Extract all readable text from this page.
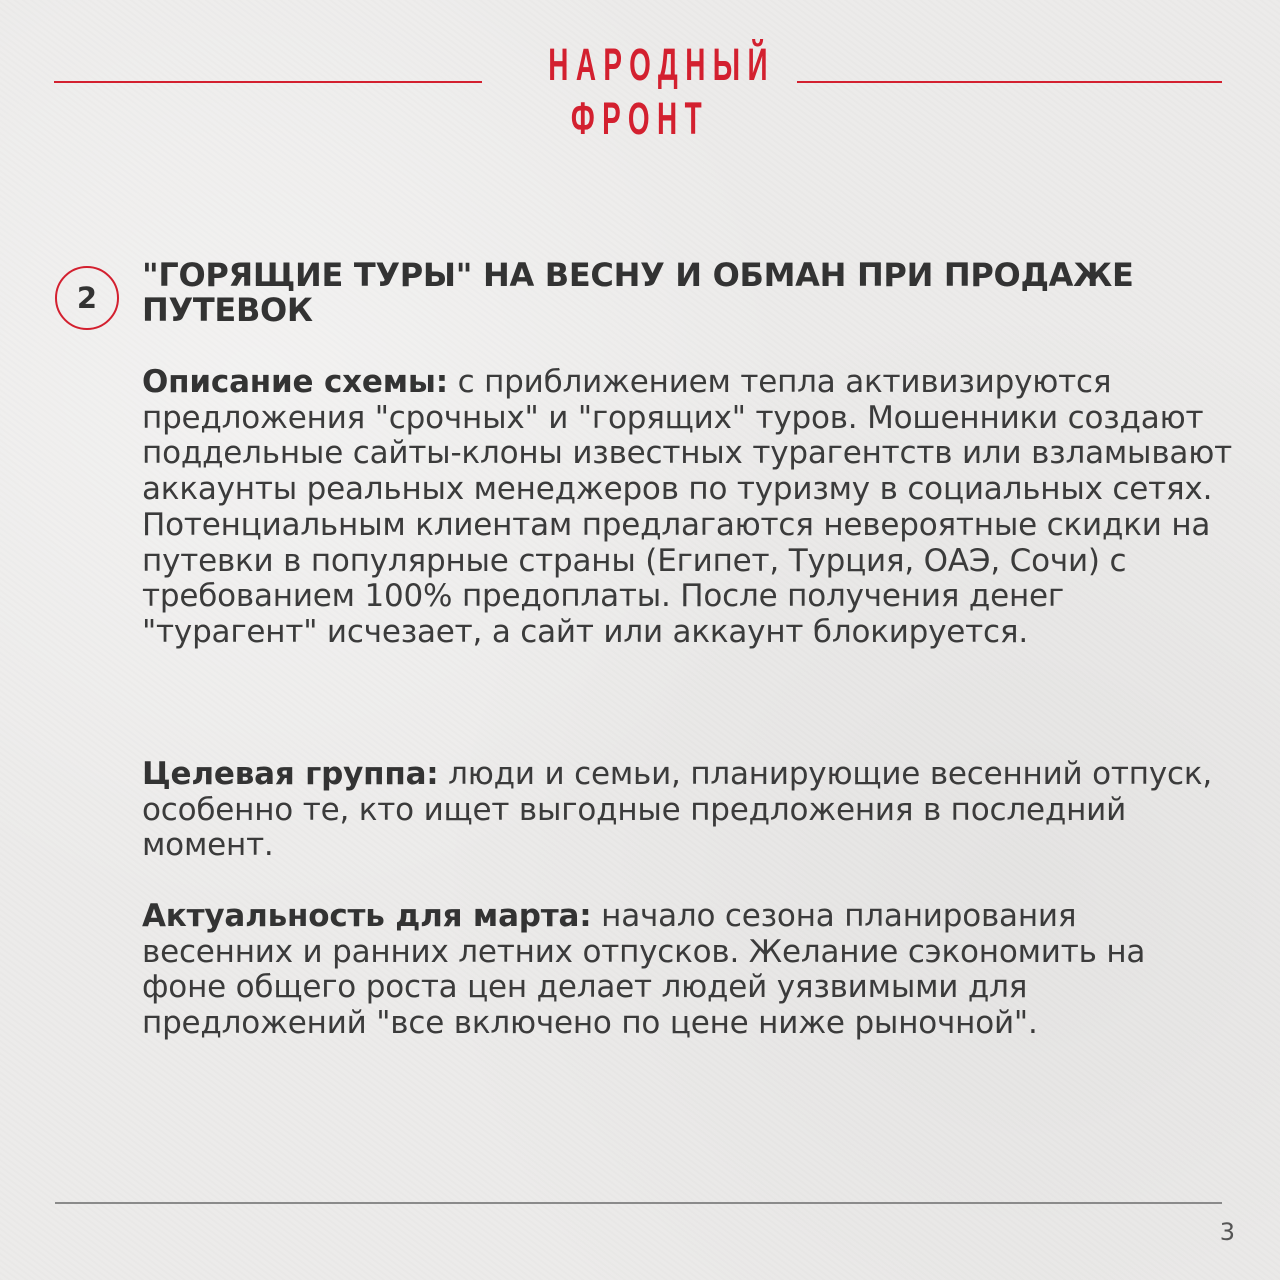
НАРОДНЫЙ
ФРОНТ
2
"ГОРЯЩИЕ ТУРЫ" НА ВЕСНУ И ОБМАН ПРИ ПРОДАЖЕ ПУТЕВОК
Описание схемы: с приближением тепла активизируются предложения "срочных" и "горящих" туров. Мошенники создают поддельные сайты-клоны известных турагентств или взламывают аккаунты реальных менеджеров по туризму в социальных сетях. Потенциальным клиентам предлагаются невероятные скидки на путевки в популярные страны (Египет, Турция, ОАЭ, Сочи) с требованием 100% предоплаты. После получения денег "турагент" исчезает, а сайт или аккаунт блокируется.
Целевая группа: люди и семьи, планирующие весенний отпуск, особенно те, кто ищет выгодные предложения в последний момент.
Актуальность для марта: начало сезона планирования весенних и ранних летних отпусков. Желание сэкономить на фоне общего роста цен делает людей уязвимыми для предложений "все включено по цене ниже рыночной".
3
